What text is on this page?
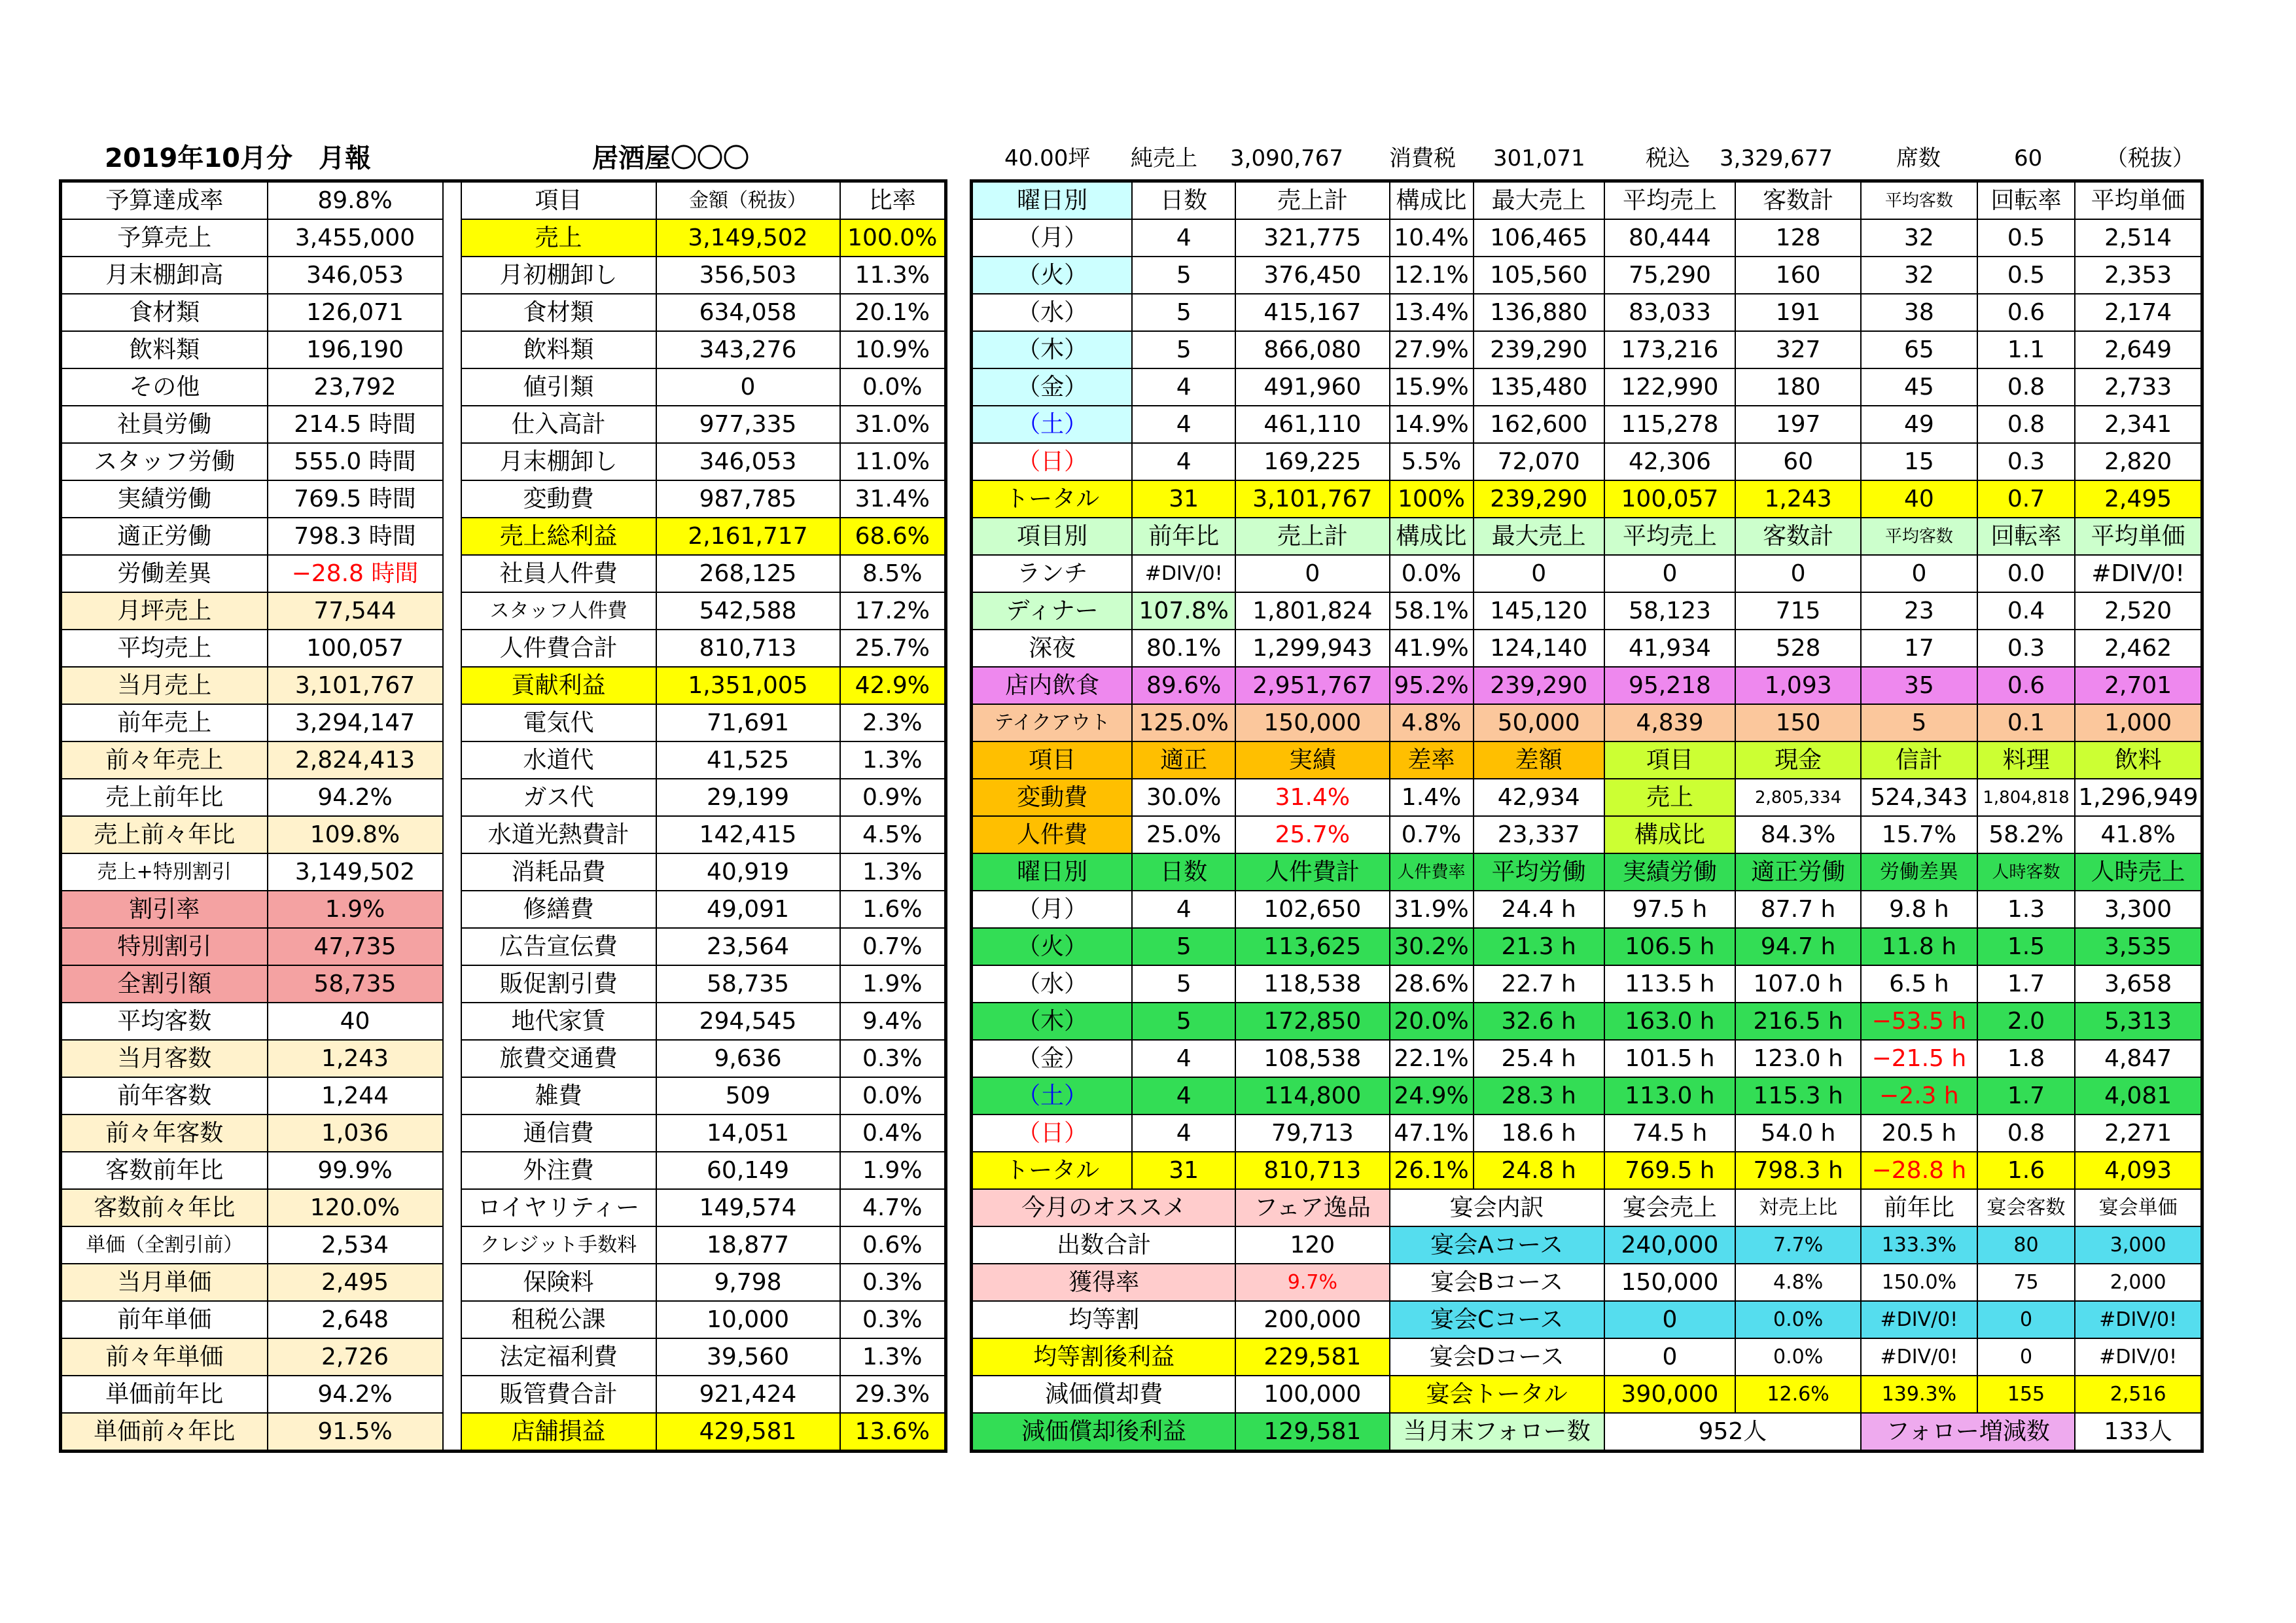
2019年10月分　月報	居酒屋〇〇〇	40.00坪 純売上 3,090,767 消費税 301,071	税込 3,329,677	席数	60	（税抜）
予算達成率	89.8%		項目	金額（税抜）	比率
予算売上	3,455,000		売上	3,149,502	100.0%
月末棚卸高	346,053		月初棚卸し	356,503	11.3%
食材類	126,071		食材類	634,058	20.1%
飲料類	196,190		飲料類	343,276	10.9%
その他	23,792		値引類	0	0.0%
社員労働	214.5 時間		仕入高計	977,335	31.0%
スタッフ労働	555.0 時間		月末棚卸し	346,053	11.0%
実績労働	769.5 時間		変動費	987,785	31.4%
適正労働	798.3 時間		売上総利益	2,161,717	68.6%
労働差異	−28.8 時間		社員人件費	268,125	8.5%
月坪売上	77,544		スタッフ人件費	542,588	17.2%
平均売上	100,057		人件費合計	810,713	25.7%
当月売上	3,101,767		貢献利益	1,351,005	42.9%
前年売上	3,294,147		電気代	71,691	2.3%
前々年売上	2,824,413		水道代	41,525	1.3%
売上前年比	94.2%		ガス代	29,199	0.9%
売上前々年比	109.8%		水道光熱費計	142,415	4.5%
売上+特別割引	3,149,502		消耗品費	40,919	1.3%
割引率	1.9%		修繕費	49,091	1.6%
特別割引	47,735		広告宣伝費	23,564	0.7%
全割引額	58,735		販促割引費	58,735	1.9%
平均客数	40		地代家賃	294,545	9.4%
当月客数	1,243		旅費交通費	9,636	0.3%
前年客数	1,244		雑費	509	0.0%
前々年客数	1,036		通信費	14,051	0.4%
客数前年比	99.9%		外注費	60,149	1.9%
客数前々年比	120.0%		ロイヤリティー	149,574	4.7%
単価（全割引前）	2,534		クレジット手数料	18,877	0.6%
当月単価	2,495		保険料	9,798	0.3%
前年単価	2,648		租税公課	10,000	0.3%
前々年単価	2,726		法定福利費	39,560	1.3%
単価前年比	94.2%		販管費合計	921,424	29.3%
単価前々年比	91.5%		店舗損益	429,581	13.6%
曜日別	日数	売上計	構成比	最大売上	平均売上	客数計	平均客数	回転率	平均単価
（月）	4	321,775	10.4%	106,465	80,444	128	32	0.5	2,514
（火）	5	376,450	12.1%	105,560	75,290	160	32	0.5	2,353
（水）	5	415,167	13.4%	136,880	83,033	191	38	0.6	2,174
（木）	5	866,080	27.9%	239,290	173,216	327	65	1.1	2,649
（金）	4	491,960	15.9%	135,480	122,990	180	45	0.8	2,733
（土）	4	461,110	14.9%	162,600	115,278	197	49	0.8	2,341
（日）	4	169,225	5.5%	72,070	42,306	60	15	0.3	2,820
トータル	31	3,101,767	100%	239,290	100,057	1,243	40	0.7	2,495
項目別	前年比	売上計	構成比	最大売上	平均売上	客数計	平均客数	回転率	平均単価
ランチ	#DIV/0!	0	0.0%	0	0	0	0	0.0	#DIV/0!
ディナー	107.8%	1,801,824	58.1%	145,120	58,123	715	23	0.4	2,520
深夜	80.1%	1,299,943	41.9%	124,140	41,934	528	17	0.3	2,462
店内飲食	89.6%	2,951,767	95.2%	239,290	95,218	1,093	35	0.6	2,701
テイクアウト	125.0%	150,000	4.8%	50,000	4,839	150	5	0.1	1,000
項目	適正	実績	差率	差額	項目	現金	信計	料理	飲料
変動費	30.0%	31.4%	1.4%	42,934	売上	2,805,334	524,343	1,804,818	1,296,949
人件費	25.0%	25.7%	0.7%	23,337	構成比	84.3%	15.7%	58.2%	41.8%
曜日別	日数	人件費計	人件費率	平均労働	実績労働	適正労働	労働差異	人時客数	人時売上
（月）	4	102,650	31.9%	24.4 h	97.5 h	87.7 h	9.8 h	1.3	3,300
（火）	5	113,625	30.2%	21.3 h	106.5 h	94.7 h	11.8 h	1.5	3,535
（水）	5	118,538	28.6%	22.7 h	113.5 h	107.0 h	6.5 h	1.7	3,658
（木）	5	172,850	20.0%	32.6 h	163.0 h	216.5 h	−53.5 h	2.0	5,313
（金）	4	108,538	22.1%	25.4 h	101.5 h	123.0 h	−21.5 h	1.8	4,847
（土）	4	114,800	24.9%	28.3 h	113.0 h	115.3 h	−2.3 h	1.7	4,081
（日）	4	79,713	47.1%	18.6 h	74.5 h	54.0 h	20.5 h	0.8	2,271
トータル	31	810,713	26.1%	24.8 h	769.5 h	798.3 h	−28.8 h	1.6	4,093
今月のオススメ		フェア逸品	宴会内訳		宴会売上	対売上比	前年比	宴会客数	宴会単価
出数合計		120	宴会Aコース		240,000	7.7%	133.3%	80	3,000
獲得率		9.7%	宴会Bコース		150,000	4.8%	150.0%	75	2,000
均等割		200,000	宴会Cコース		0	0.0%	#DIV/0!	0	#DIV/0!
均等割後利益		229,581	宴会Dコース		0	0.0%	#DIV/0!	0	#DIV/0!
減価償却費		100,000	宴会トータル		390,000	12.6%	139.3%	155	2,516
減価償却後利益		129,581	当月末フォロー数		952人		フォロー増減数		133人
